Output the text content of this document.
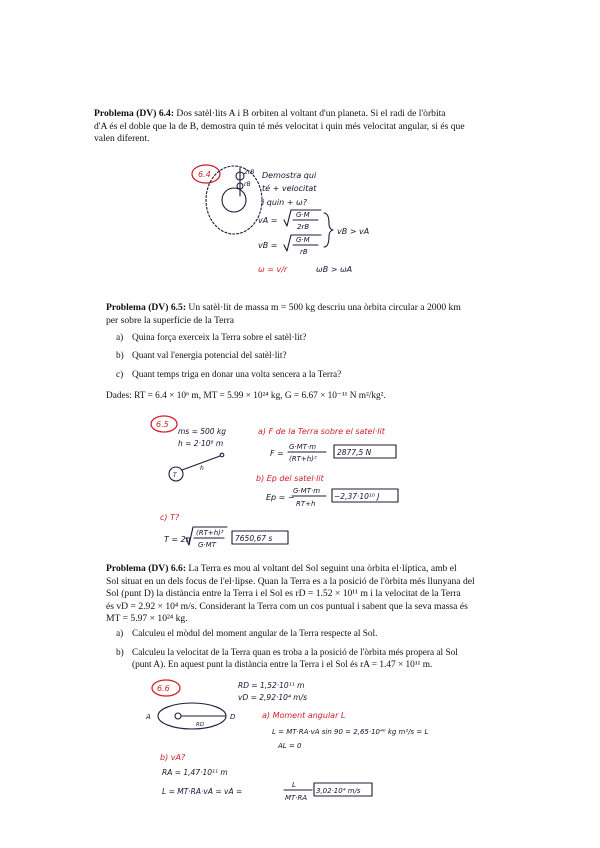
Problema (DV) 6.4: Dos satèl·lits A i B orbiten al voltant d'un planeta. Si el radi de l'òrbita
d'A és el doble que la de B, demostra quin té més velocitat i quin més velocitat angular, si és que
valen diferent.
Problema (DV) 6.5: Un satèl·lit de massa m = 500 kg descriu una òrbita circular a 2000 km
per sobre la superfície de la Terra
a) Quina força exerceix la Terra sobre el satèl·lit?
b) Quant val l'energia potencial del satèl·lit?
c) Quant temps triga en donar una volta sencera a la Terra?
Dades: RT = 6.4 × 10⁶ m, MT = 5.99 × 10²⁴ kg, G = 6.67 × 10⁻¹¹ N m²/kg².
Problema (DV) 6.6: La Terra es mou al voltant del Sol seguint una òrbita el·líptica, amb el
Sol situat en un dels focus de l'el·lipse. Quan la Terra es a la posició de l'òrbita més llunyana del
Sol (punt D) la distància entre la Terra i el Sol es rD = 1.52 × 10¹¹ m i la velocitat de la Terra
és vD = 2.92 × 10⁴ m/s. Considerant la Terra com un cos puntual i sabent que la seva massa és
MT = 5.97 × 10²⁴ kg.
a) Calculeu el mòdul del moment angular de la Terra respecte al Sol.
b) Calculeu la velocitat de la Terra quan es troba a la posició de l'òrbita més propera al Sol
(punt A). En aquest punt la distància entre la Terra i el Sol és rA = 1.47 × 10¹¹ m.
6.4	2rB
rB
Demostra qui
té + velocitat
i quin + ω?
vA =
G·M
2rB
vB =
G·M
rB
vB > vA
ω = v/r	ωB > ωA
6.5
ms = 500 kg
h = 2·10⁶ m
T
h
a) F de la Terra sobre el satel·lit
F =
G·MT·m
(RT+h)²
2877,5 N
b) Ep del satel·lit
Ep = −
G·MT·m
RT+h
−2,37·10¹⁰ J
c) T?
T = 2π
(RT+h)³
G·MT
7650,67 s
6.6	RD = 1,52·10¹¹ m
vD = 2,92·10⁴ m/s
A	D
RD
a) Moment angular L
L = MT·RA·vA sin 90 = 2,65·10⁴⁰ kg m²/s = L
AL = 0
b) vA?
RA = 1,47·10¹¹ m
L = MT·RA·vA = vA =
L
MT·RA
3,02·10⁴ m/s
